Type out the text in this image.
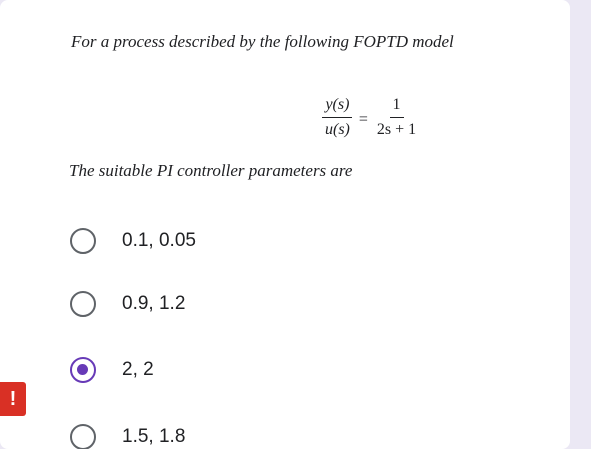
For a process described by the following FOPTD model
$\frac{y(s)}{u(s)} = \frac{1}{2s + 1}$
The suitable PI controller parameters are
0.1, 0.05
0.9, 1.2
2, 2
1.5, 1.8
!
